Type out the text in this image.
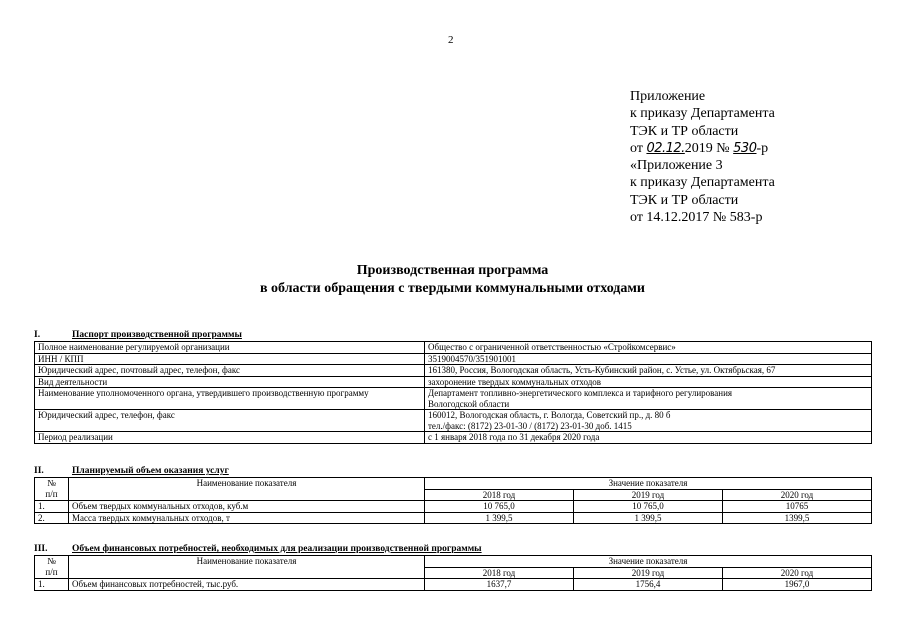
2
Приложение
к приказу Департамента
ТЭК и ТР области
от 02.12.2019 № 530-р
«Приложение 3
к приказу Департамента
ТЭК и ТР области
от 14.12.2017 № 583-р
Производственная программа
в области обращения с твердыми коммунальными отходами
I.	Паспорт производственной программы
Полное наименование регулируемой организации	Общество с ограниченной ответственностью «Стройкомсервис»
ИНН / КПП	3519004570/351901001
Юридический адрес, почтовый адрес, телефон, факс	161380, Россия, Вологодская область, Усть-Кубинский район, с. Устье, ул. Октябрьская, 67
Вид деятельности	захоронение твердых коммунальных отходов
Наименование уполномоченного органа, утвердившего производственную программу	Департамент топливно-энергетического комплекса и тарифного регулирования
Вологодской области

Юридический адрес, телефон, факс	160012, Вологодская область, г. Вологда, Советский пр., д. 80 б
тел./факс: (8172) 23-01-30 / (8172) 23-01-30 доб. 1415

Период реализации	с 1 января 2018 года по 31 декабря 2020 года
II.	Планируемый объем оказания услуг
№
п/п	Наименование показателя	Значение показателя		
		2018 год	2019 год	2020 год
1.	Объем твердых коммунальных отходов, куб.м	10 765,0	10 765,0	10765
2.	Масса твердых коммунальных отходов, т	1 399,5	1 399,5	1399,5
III.	Объем финансовых потребностей, необходимых для реализации производственной программы
№
п/п	Наименование показателя	Значение показателя		
		2018 год	2019 год	2020 год
1.	Объем финансовых потребностей, тыс.руб.	1637,7	1756,4	1967,0
